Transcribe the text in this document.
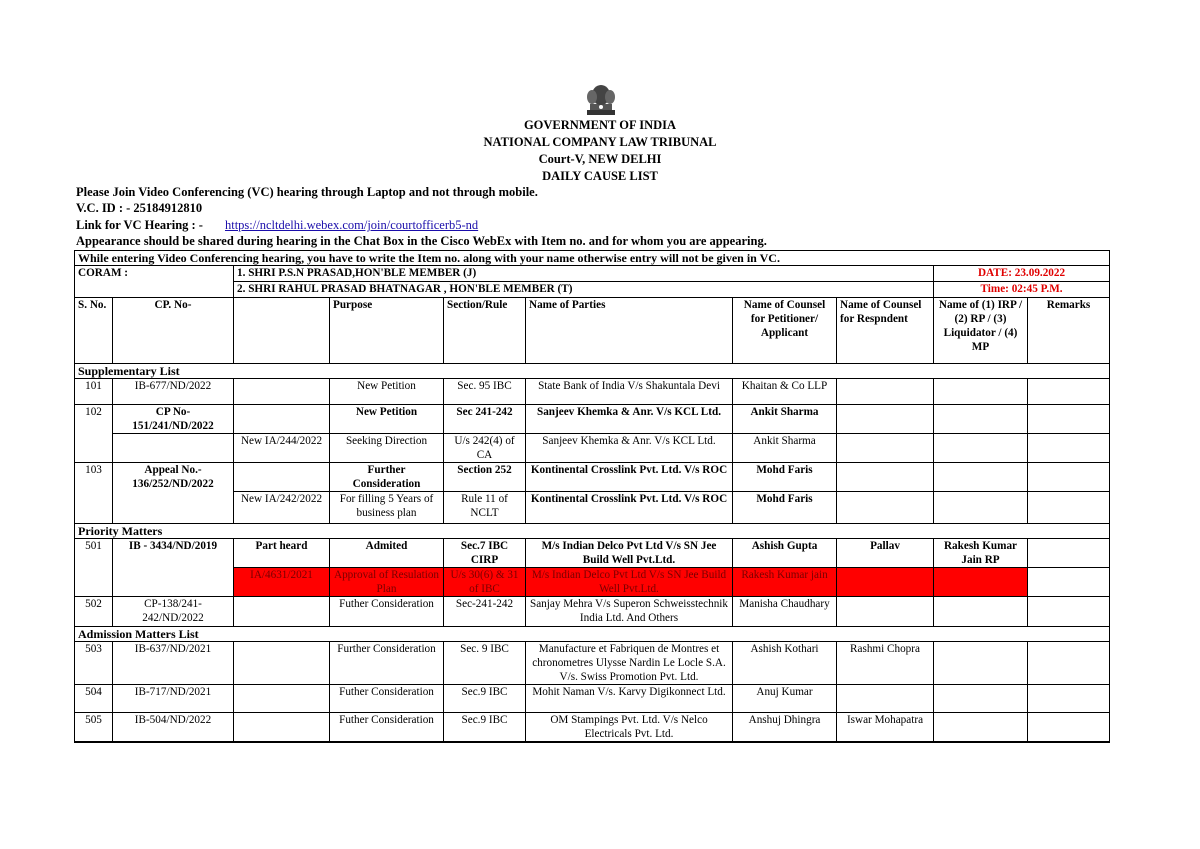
GOVERNMENT OF INDIA
NATIONAL COMPANY LAW TRIBUNAL
Court-V, NEW DELHI
DAILY CAUSE LIST
Please Join Video Conferencing (VC) hearing through Laptop and not through mobile.
V.C. ID : - 25184912810
Link for VC Hearing : - https://ncltdelhi.webex.com/join/courtofficerb5-nd
Appearance should be shared during hearing in the Chat Box in the Cisco WebEx with Item no. and for whom you are appearing.
While entering Video Conferencing hearing, you have to write the Item no. along with your name otherwise entry will not be given in VC.									
CORAM :		1. SHRI P.S.N PRASAD,HON'BLE MEMBER (J)						DATE: 23.09.2022	
		2. SHRI RAHUL PRASAD BHATNAGAR , HON'BLE MEMBER (T)						Time: 02:45 P.M.	
S. No.	CP. No-		Purpose	Section/Rule	Name of Parties	Name of Counsel for Petitioner/ Applicant	Name of Counsel for Respndent	Name of (1) IRP / (2) RP / (3) Liquidator / (4) MP	Remarks
Supplementary List									
101	IB-677/ND/2022		New Petition	Sec. 95 IBC	State Bank of India V/s Shakuntala Devi	Khaitan & Co LLP			
102	CP No-151/241/ND/2022		New Petition	Sec 241-242	Sanjeev Khemka & Anr. V/s KCL Ltd.	Ankit Sharma			
		New IA/244/2022	Seeking Direction	U/s 242(4) of CA	Sanjeev Khemka & Anr. V/s KCL Ltd.	Ankit Sharma			
103	Appeal No.- 136/252/ND/2022		Further Consideration	Section 252	Kontinental Crosslink Pvt. Ltd. V/s ROC	Mohd Faris			
		New IA/242/2022	For filling 5 Years of business plan	Rule 11 of NCLT	Kontinental Crosslink Pvt. Ltd. V/s ROC	Mohd Faris			
Priority Matters									
501	IB - 3434/ND/2019	Part heard	Admited	Sec.7 IBC CIRP	M/s Indian Delco Pvt Ltd V/s SN Jee Build Well Pvt.Ltd.	Ashish Gupta	Pallav	Rakesh Kumar Jain RP	
		IA/4631/2021	Approval of Resulation Plan	U/s 30(6) & 31 of IBC	M/s Indian Delco Pvt Ltd V/s SN Jee Build Well Pvt.Ltd.	Rakesh Kumar jain			
502	CP-138/241-242/ND/2022		Futher Consideration	Sec-241-242	Sanjay Mehra V/s Superon Schweisstechnik India Ltd. And Others	Manisha Chaudhary			
Admission Matters List									
503	IB-637/ND/2021		Further Consideration	Sec. 9 IBC	Manufacture et Fabriquen de Montres et chronometres Ulysse Nardin Le Locle S.A. V/s. Swiss Promotion Pvt. Ltd.	Ashish Kothari	Rashmi Chopra		
504	IB-717/ND/2021		Futher Consideration	Sec.9 IBC	Mohit Naman V/s. Karvy Digikonnect Ltd.	Anuj Kumar			
505	IB-504/ND/2022		Futher Consideration	Sec.9 IBC	OM Stampings Pvt. Ltd. V/s Nelco Electricals Pvt. Ltd.	Anshuj Dhingra	Iswar Mohapatra		
